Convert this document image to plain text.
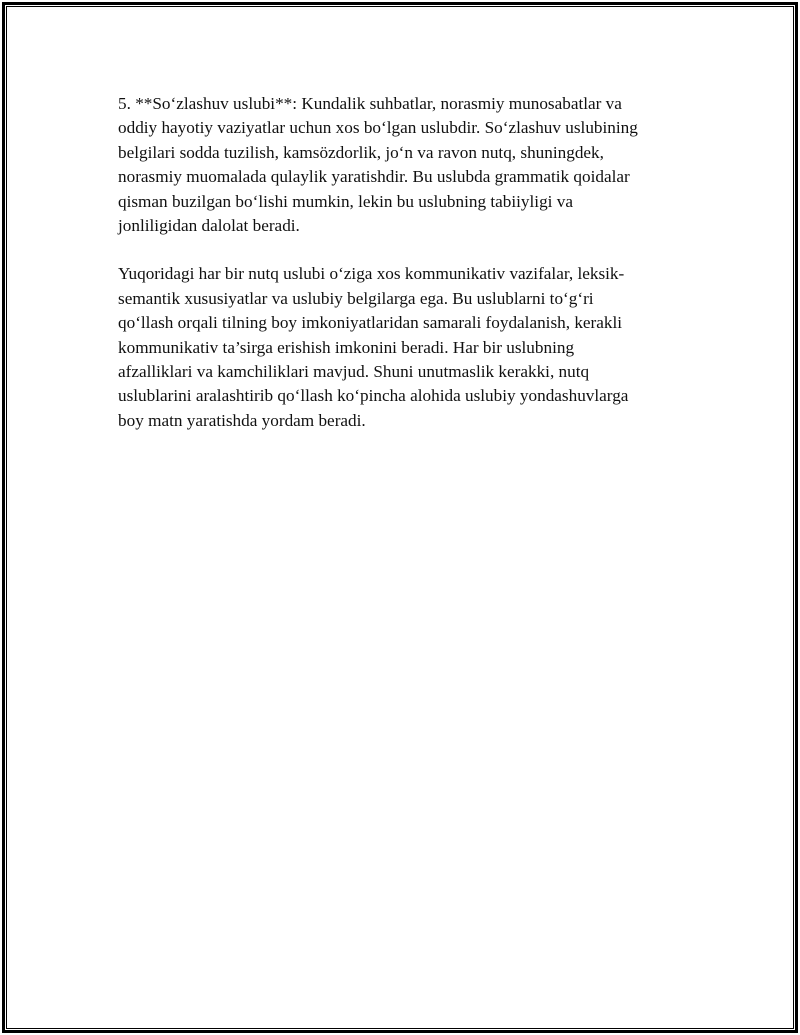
5. **So‘zlashuv uslubi**: Kundalik suhbatlar, norasmiy munosabatlar va
oddiy hayotiy vaziyatlar uchun xos bo‘lgan uslubdir. So‘zlashuv uslubining
belgilari sodda tuzilish, kamsözdorlik, jo‘n va ravon nutq, shuningdek,
norasmiy muomalada qulaylik yaratishdir. Bu uslubda grammatik qoidalar
qisman buzilgan bo‘lishi mumkin, lekin bu uslubning tabiiyligi va
jonliligidan dalolat beradi.
Yuqoridagi har bir nutq uslubi o‘ziga xos kommunikativ vazifalar, leksik-
semantik xususiyatlar va uslubiy belgilarga ega. Bu uslublarni to‘g‘ri
qo‘llash orqali tilning boy imkoniyatlaridan samarali foydalanish, kerakli
kommunikativ ta’sirga erishish imkonini beradi. Har bir uslubning
afzalliklari va kamchiliklari mavjud. Shuni unutmaslik kerakki, nutq
uslublarini aralashtirib qo‘llash ko‘pincha alohida uslubiy yondashuvlarga
boy matn yaratishda yordam beradi.
